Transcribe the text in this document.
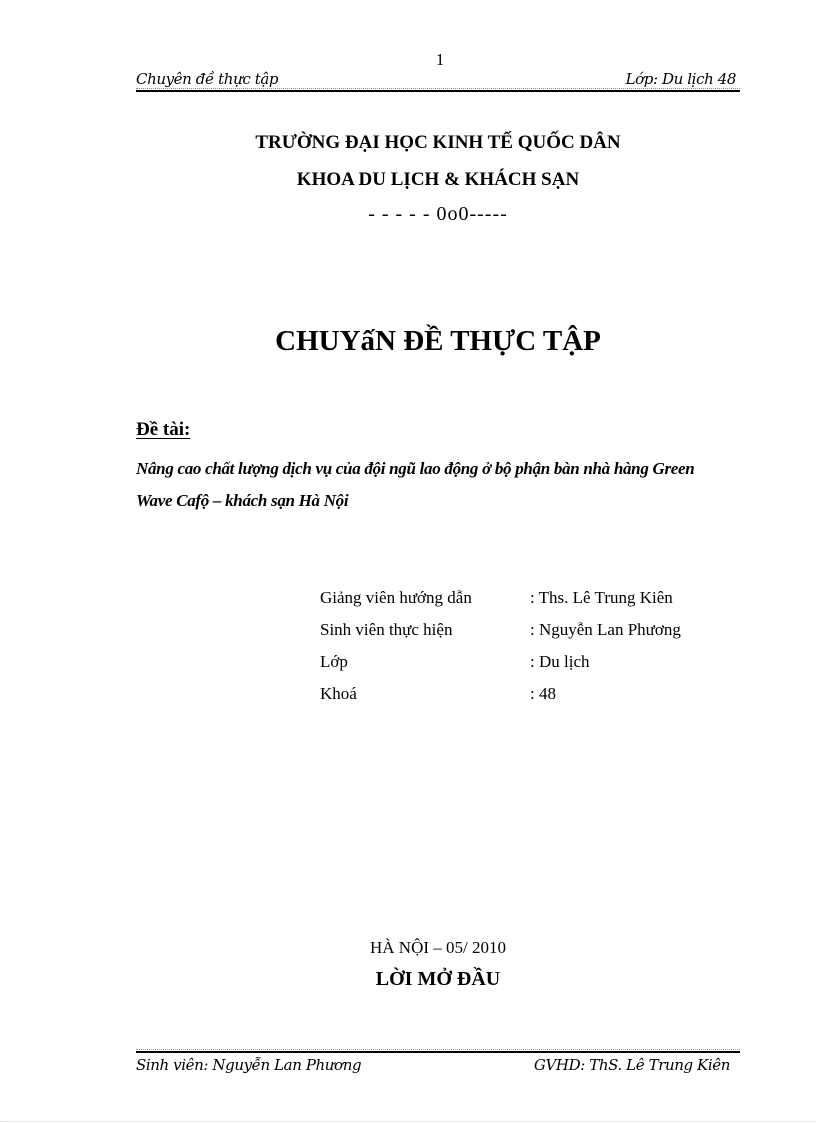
1
Chuyên đề thực tập	Lớp: Du lịch 48
TRƯỜNG ĐẠI HỌC KINH TẾ QUỐC DÂN
KHOA DU LỊCH & KHÁCH SẠN
- - - - - 0o0-----
CHUYấN ĐỀ THỰC TẬP
Đề tài:
Nâng cao chất lượng dịch vụ của đội ngũ lao động ở bộ phận bàn nhà hàng Green Wave Cafộ – khách sạn Hà Nội
Giảng viên hướng dẫn	: Ths. Lê Trung Kiên
Sinh viên thực hiện	: Nguyễn Lan Phương
Lớp	: Du lịch
Khoá	: 48
HÀ NỘI – 05/ 2010
LỜI MỞ ĐẦU
Sinh viên: Nguyễn Lan Phương	GVHD: ThS. Lê Trung Kiên
